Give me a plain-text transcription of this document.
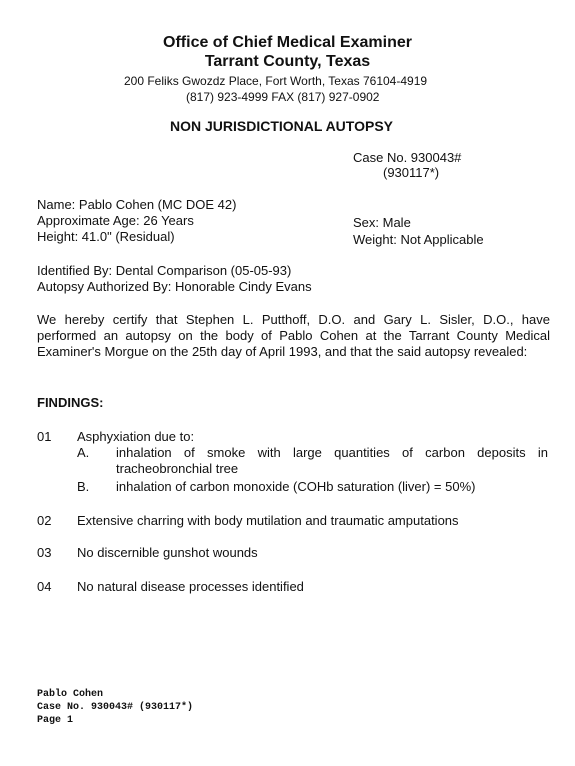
Office of Chief Medical Examiner
Tarrant County, Texas
200 Feliks Gwozdz Place, Fort Worth, Texas 76104-4919
(817) 923-4999 FAX (817) 927-0902
NON JURISDICTIONAL AUTOPSY
Case No. 930043#
(930117*)
Name: Pablo Cohen (MC DOE 42)
Approximate Age: 26 Years
Height: 41.0" (Residual)
Sex: Male
Weight: Not Applicable
Identified By: Dental Comparison (05-05-93)
Autopsy Authorized By: Honorable Cindy Evans
We hereby certify that Stephen L. Putthoff, D.O. and Gary L. Sisler, D.O., have performed an autopsy on the body of Pablo Cohen at the Tarrant County Medical Examiner's Morgue on the 25th day of April 1993, and that the said autopsy revealed:
FINDINGS:
01 Asphyxiation due to:
A. inhalation of smoke with large quantities of carbon deposits in
tracheobronchial tree
B. inhalation of carbon monoxide (COHb saturation (liver) = 50%)
02 Extensive charring with body mutilation and traumatic amputations
03 No discernible gunshot wounds
04 No natural disease processes identified
Pablo Cohen
Case No. 930043# (930117*)
Page 1
